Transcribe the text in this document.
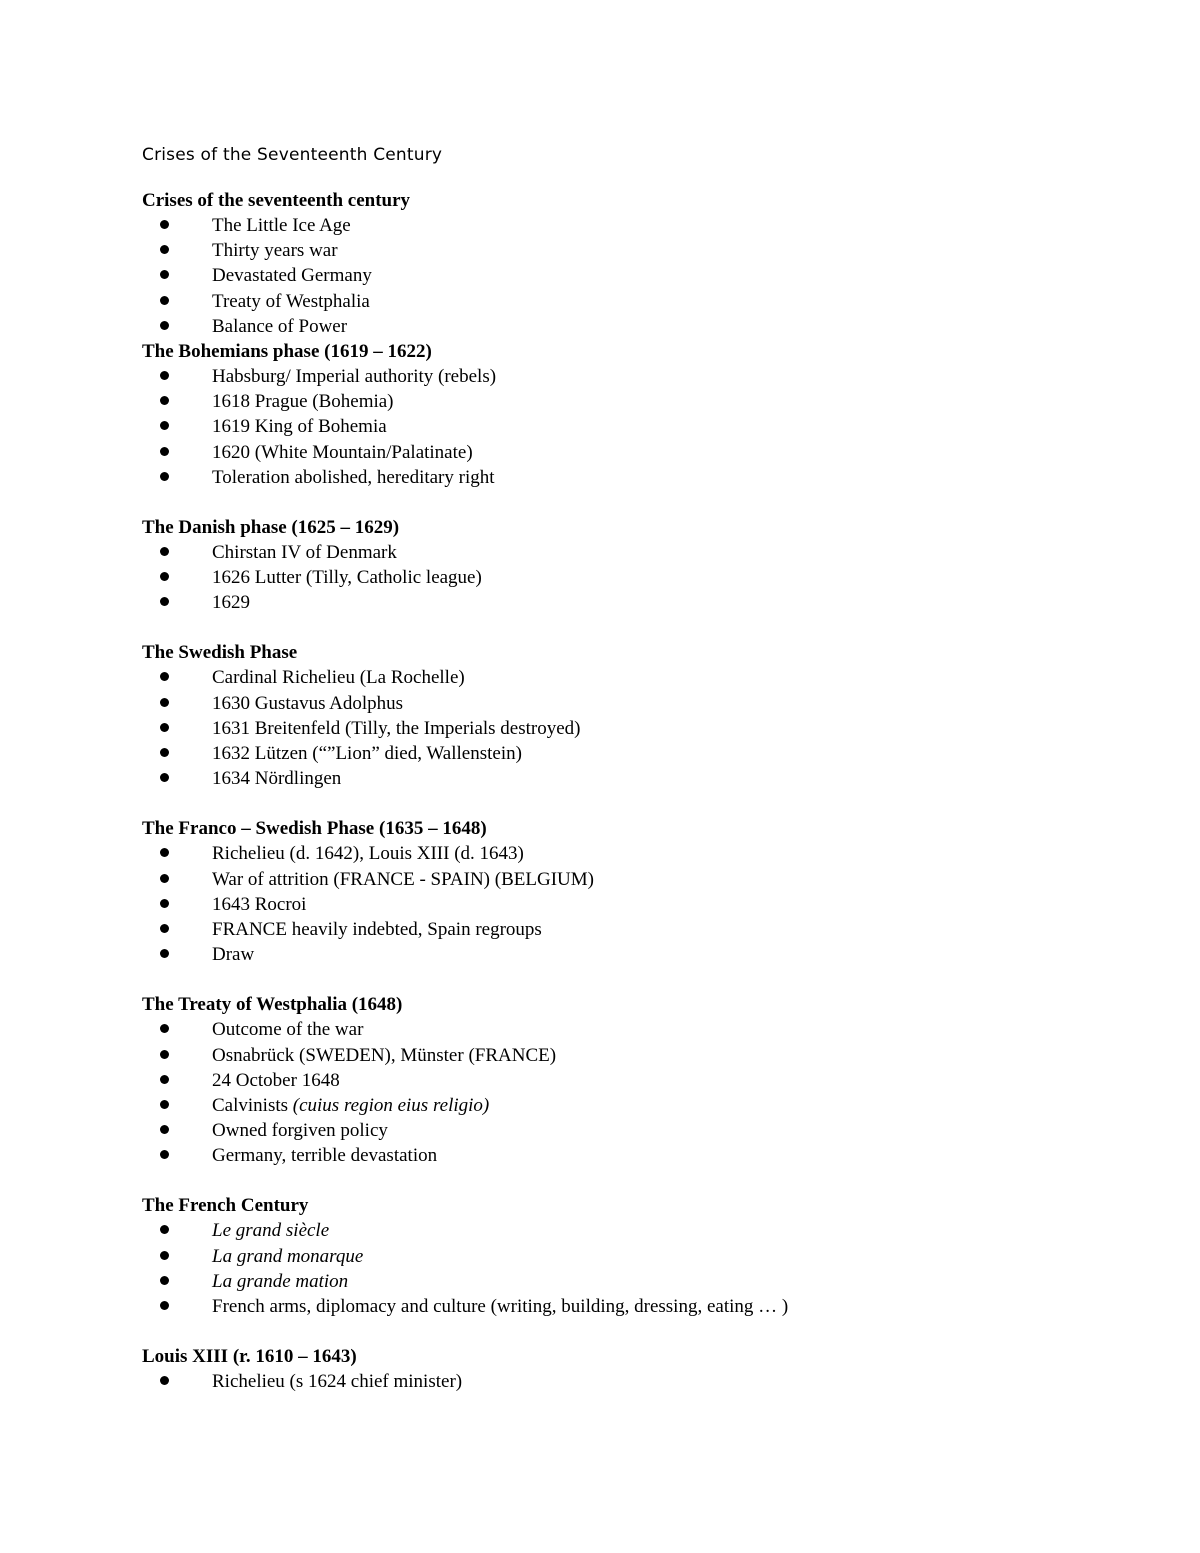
Crises of the Seventeenth Century
Crises of the seventeenth century
The Little Ice Age
Thirty years war
Devastated Germany
Treaty of Westphalia
Balance of Power
The Bohemians phase (1619 – 1622)
Habsburg/ Imperial authority (rebels)
1618 Prague (Bohemia)
1619 King of Bohemia
1620 (White Mountain/Palatinate)
Toleration abolished, hereditary right
The Danish phase (1625 – 1629)
Chirstan IV of Denmark
1626 Lutter (Tilly, Catholic league)
1629
The Swedish Phase
Cardinal Richelieu (La Rochelle)
1630 Gustavus Adolphus
1631 Breitenfeld (Tilly, the Imperials destroyed)
1632 Lützen (“”Lion” died, Wallenstein)
1634 Nördlingen
The Franco – Swedish Phase (1635 – 1648)
Richelieu (d. 1642), Louis XIII (d. 1643)
War of attrition (FRANCE - SPAIN) (BELGIUM)
1643 Rocroi
FRANCE heavily indebted, Spain regroups
Draw
The Treaty of Westphalia (1648)
Outcome of the war
Osnabrück (SWEDEN), Münster (FRANCE)
24 October 1648
Calvinists (cuius region eius religio)
Owned forgiven policy
Germany, terrible devastation
The French Century
Le grand siècle
La grand monarque
La grande mation
French arms, diplomacy and culture (writing, building, dressing, eating … )
Louis XIII (r. 1610 – 1643)
Richelieu (s 1624 chief minister)
